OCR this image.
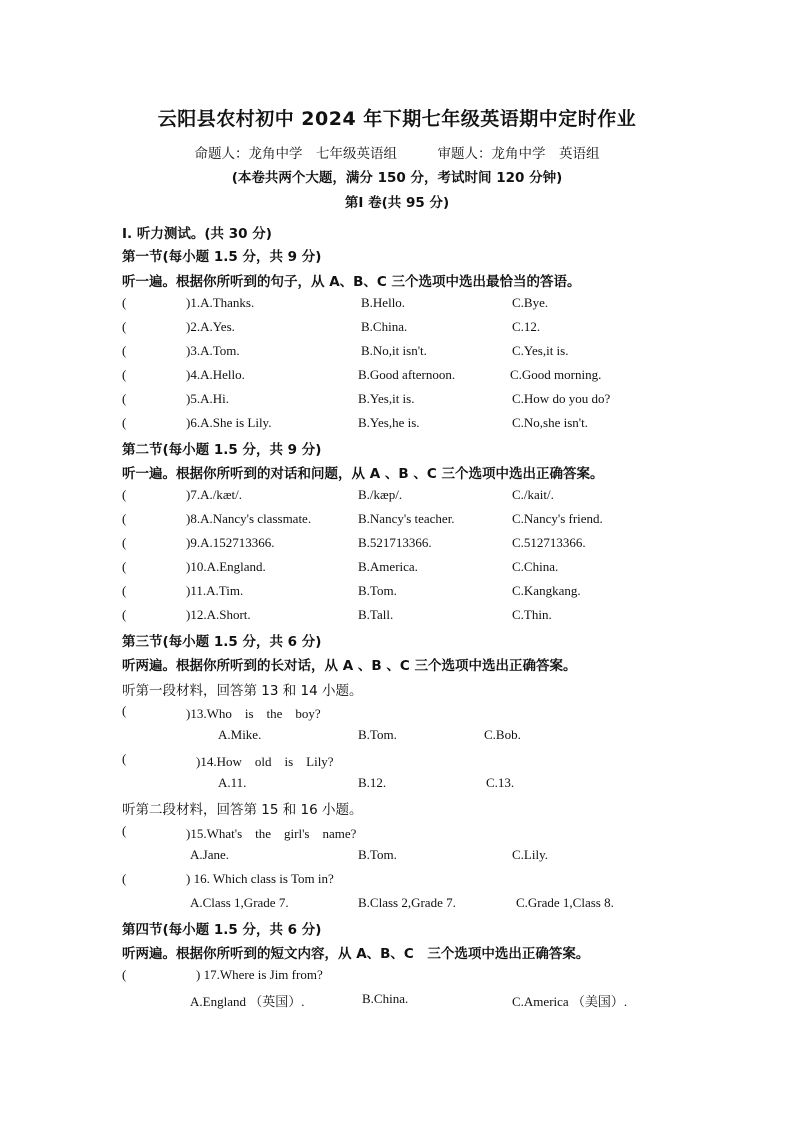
云阳县农村初中 2024 年下期七年级英语期中定时作业
命题人：龙角中学　七年级英语组　　　审题人：龙角中学　英语组
(本卷共两个大题，满分 150 分，考试时间 120 分钟)
第Ⅰ 卷(共 95 分)
I. 听力测试。(共 30 分)
第一节(每小题 1.5 分，共 9 分)
听一遍。根据你所听到的句子，从 A、B、C 三个选项中选出最恰当的答语。
(	)1.A.Thanks.	B.Hello.	C.Bye.
(	)2.A.Yes.	B.China.	C.12.
(	)3.A.Tom.	B.No,it isn't.	C.Yes,it is.
(	)4.A.Hello.	B.Good afternoon.	C.Good morning.
(	)5.A.Hi.	B.Yes,it is.	C.How do you do?
(	)6.A.She is Lily.	B.Yes,he is.	C.No,she isn't.
第二节(每小题 1.5 分，共 9 分)
听一遍。根据你所听到的对话和问题，从 A 、B 、C 三个选项中选出正确答案。
(	)7.A./kæt/.	B./kæp/.	C./kait/.
(	)8.A.Nancy's classmate.	B.Nancy's teacher.	C.Nancy's friend.
(	)9.A.152713366.	B.521713366.	C.512713366.
(	)10.A.England.	B.America.	C.China.
(	)11.A.Tim.	B.Tom.	C.Kangkang.
(	)12.A.Short.	B.Tall.	C.Thin.
第三节(每小题 1.5 分，共 6 分)
听两遍。根据你所听到的长对话，从 A 、B 、C 三个选项中选出正确答案。
听第一段材料，回答第 13 和 14 小题。
(	)13.Who　is　the　boy?
A.Mike.	B.Tom.	C.Bob.
(	)14.How　old　is　Lily?
A.11.	B.12.	C.13.
听第二段材料，回答第 15 和 16 小题。
(	)15.What's　the　girl's　name?
A.Jane.	B.Tom.	C.Lily.
(	) 16. Which class is Tom in?
A.Class 1,Grade 7.	B.Class 2,Grade 7.	C.Grade 1,Class 8.
第四节(每小题 1.5 分，共 6 分)
听两遍。根据你所听到的短文内容，从 A、B、C　三个选项中选出正确答案。
(	) 17.Where is Jim from?
A.England （英国）.	B.China.	C.America （美国）.
